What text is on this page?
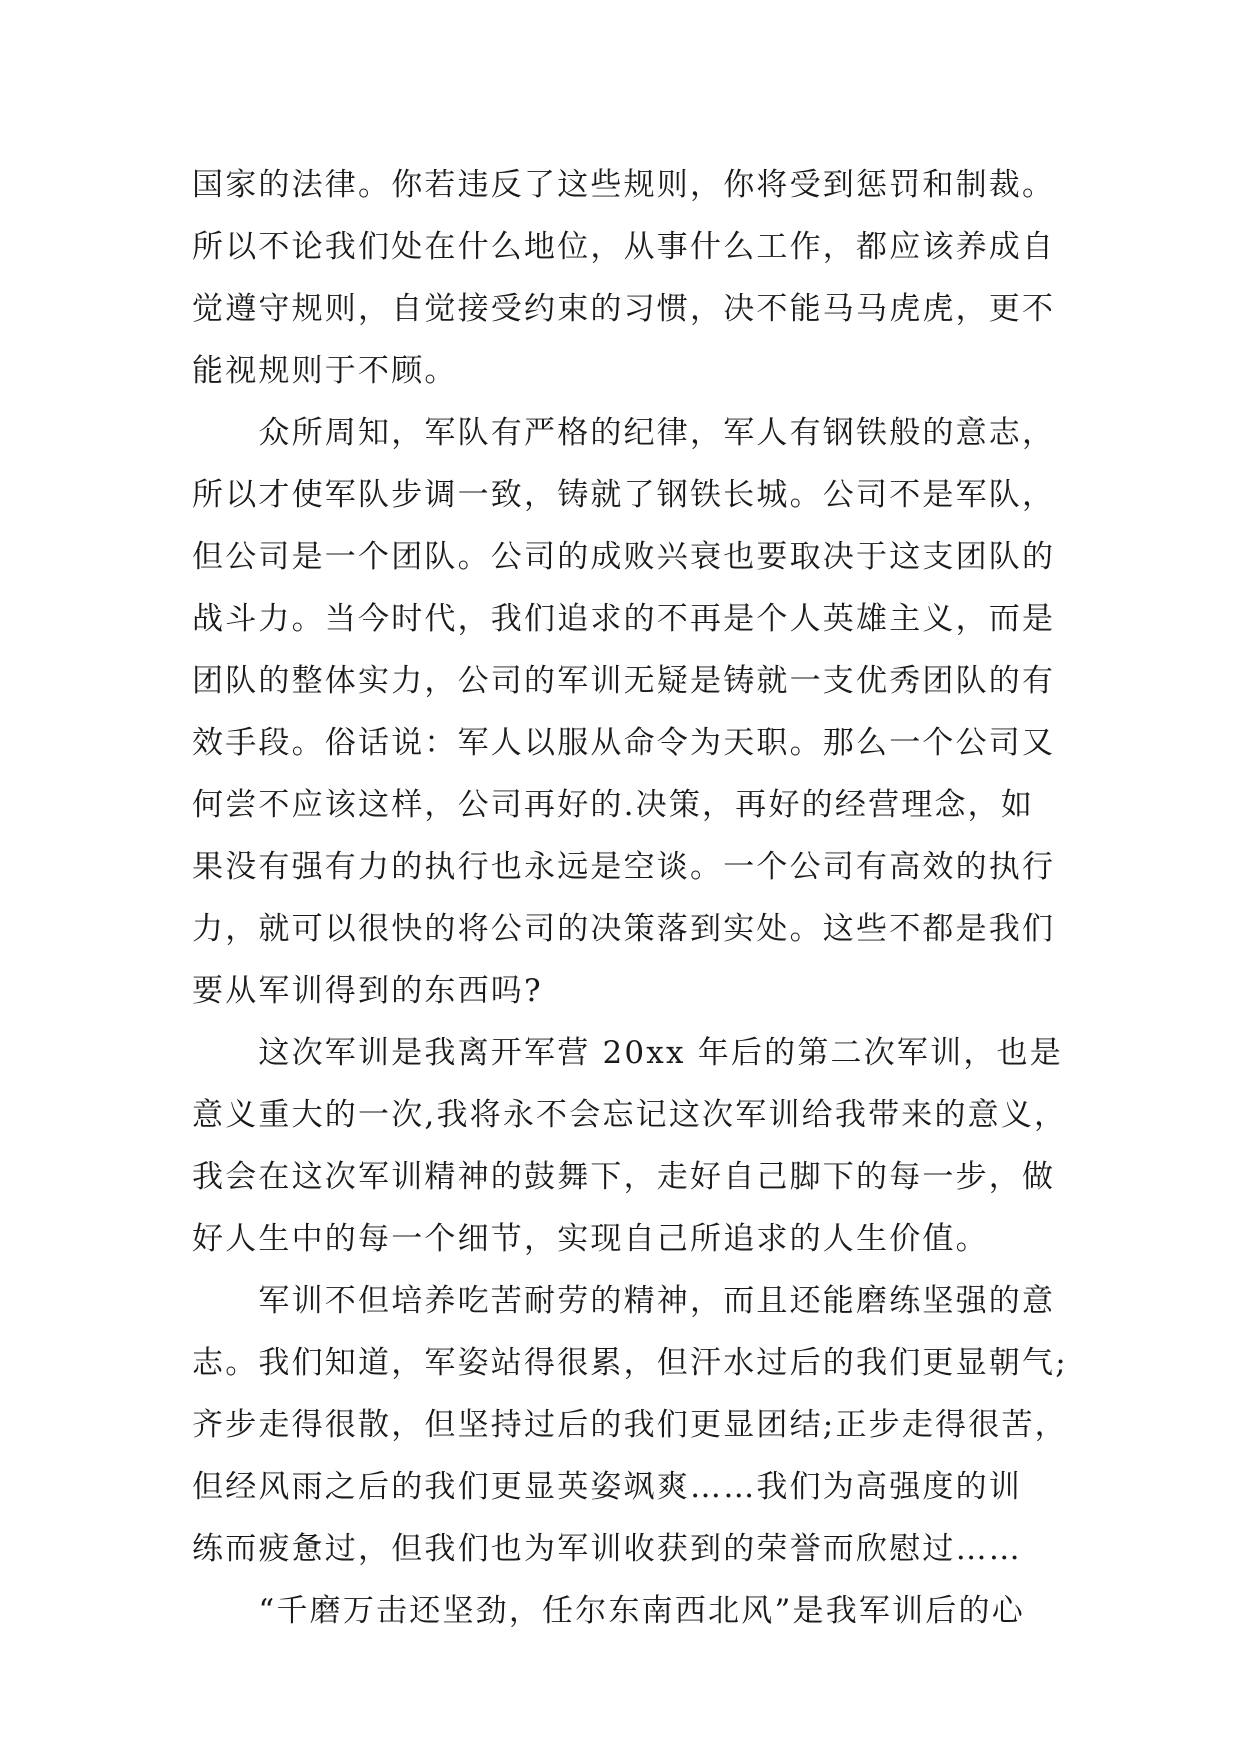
国家的法律。你若违反了这些规则，你将受到惩罚和制裁。
所以不论我们处在什么地位，从事什么工作，都应该养成自
觉遵守规则，自觉接受约束的习惯，决不能马马虎虎，更不
能视规则于不顾。
　　众所周知，军队有严格的纪律，军人有钢铁般的意志，
所以才使军队步调一致，铸就了钢铁长城。公司不是军队，
但公司是一个团队。公司的成败兴衰也要取决于这支团队的
战斗力。当今时代，我们追求的不再是个人英雄主义，而是
团队的整体实力，公司的军训无疑是铸就一支优秀团队的有
效手段。俗话说：军人以服从命令为天职。那么一个公司又
何尝不应该这样，公司再好的.决策，再好的经营理念，如
果没有强有力的执行也永远是空谈。一个公司有高效的执行
力，就可以很快的将公司的决策落到实处。这些不都是我们
要从军训得到的东西吗?
　　这次军训是我离开军营 20xx 年后的第二次军训，也是
意义重大的一次,我将永不会忘记这次军训给我带来的意义，
我会在这次军训精神的鼓舞下，走好自己脚下的每一步，做
好人生中的每一个细节，实现自己所追求的人生价值。
　　军训不但培养吃苦耐劳的精神，而且还能磨练坚强的意
志。我们知道，军姿站得很累，但汗水过后的我们更显朝气;
齐步走得很散，但坚持过后的我们更显团结;正步走得很苦，
但经风雨之后的我们更显英姿飒爽……我们为高强度的训
练而疲惫过，但我们也为军训收获到的荣誉而欣慰过……
　　“千磨万击还坚劲，任尔东南西北风”是我军训后的心
